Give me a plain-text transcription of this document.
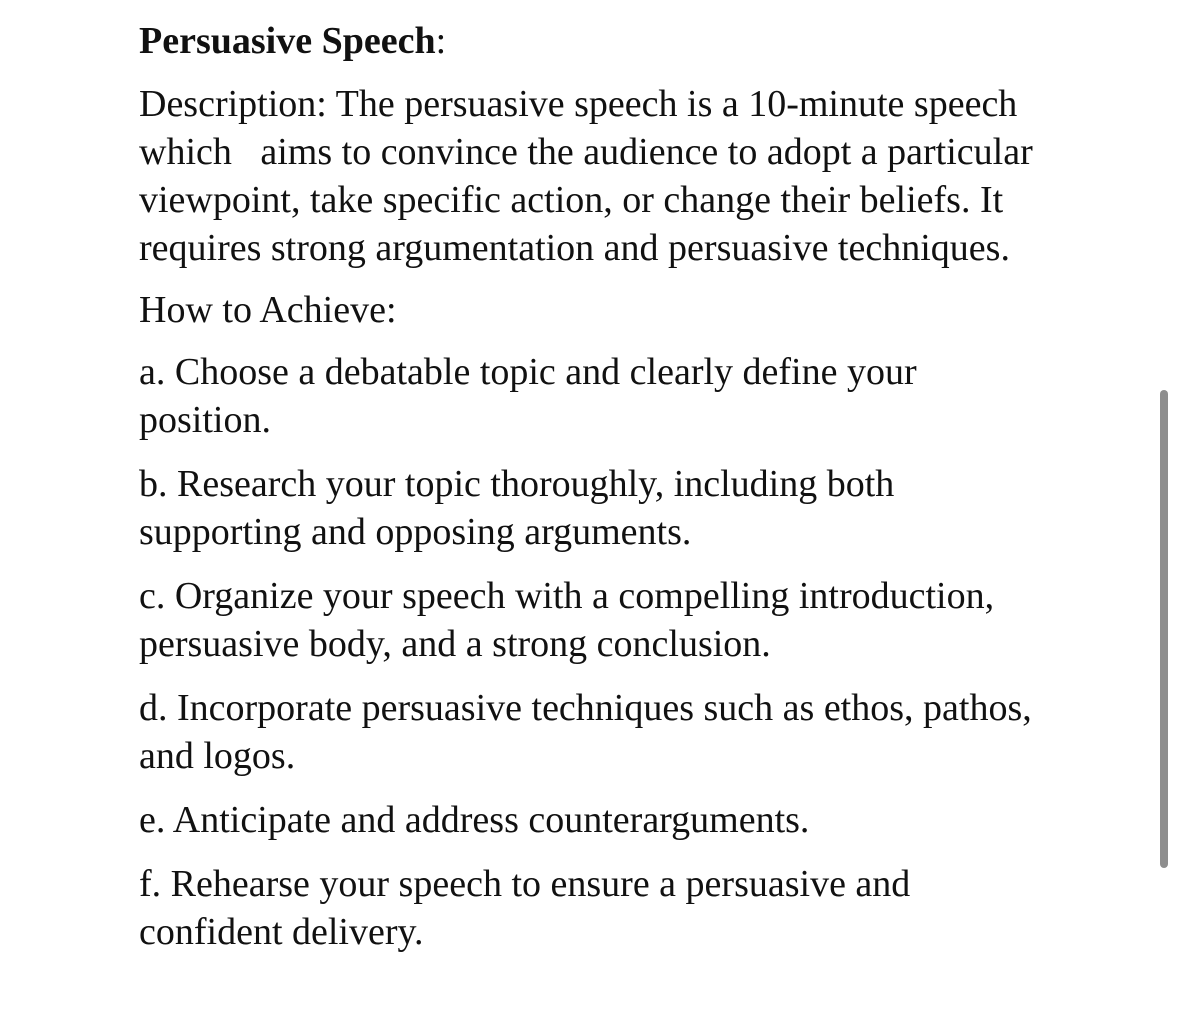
Persuasive Speech:

Description: The persuasive speech is a 10-minute speech which   aims to convince the audience to adopt a particular viewpoint, take specific action, or change their beliefs. It requires strong argumentation and persuasive techniques.

How to Achieve:

a. Choose a debatable topic and clearly define your position.
b. Research your topic thoroughly, including both supporting and opposing arguments.
c. Organize your speech with a compelling introduction, persuasive body, and a strong conclusion.
d. Incorporate persuasive techniques such as ethos, pathos, and logos.
e. Anticipate and address counterarguments.
f. Rehearse your speech to ensure a persuasive and confident delivery.
